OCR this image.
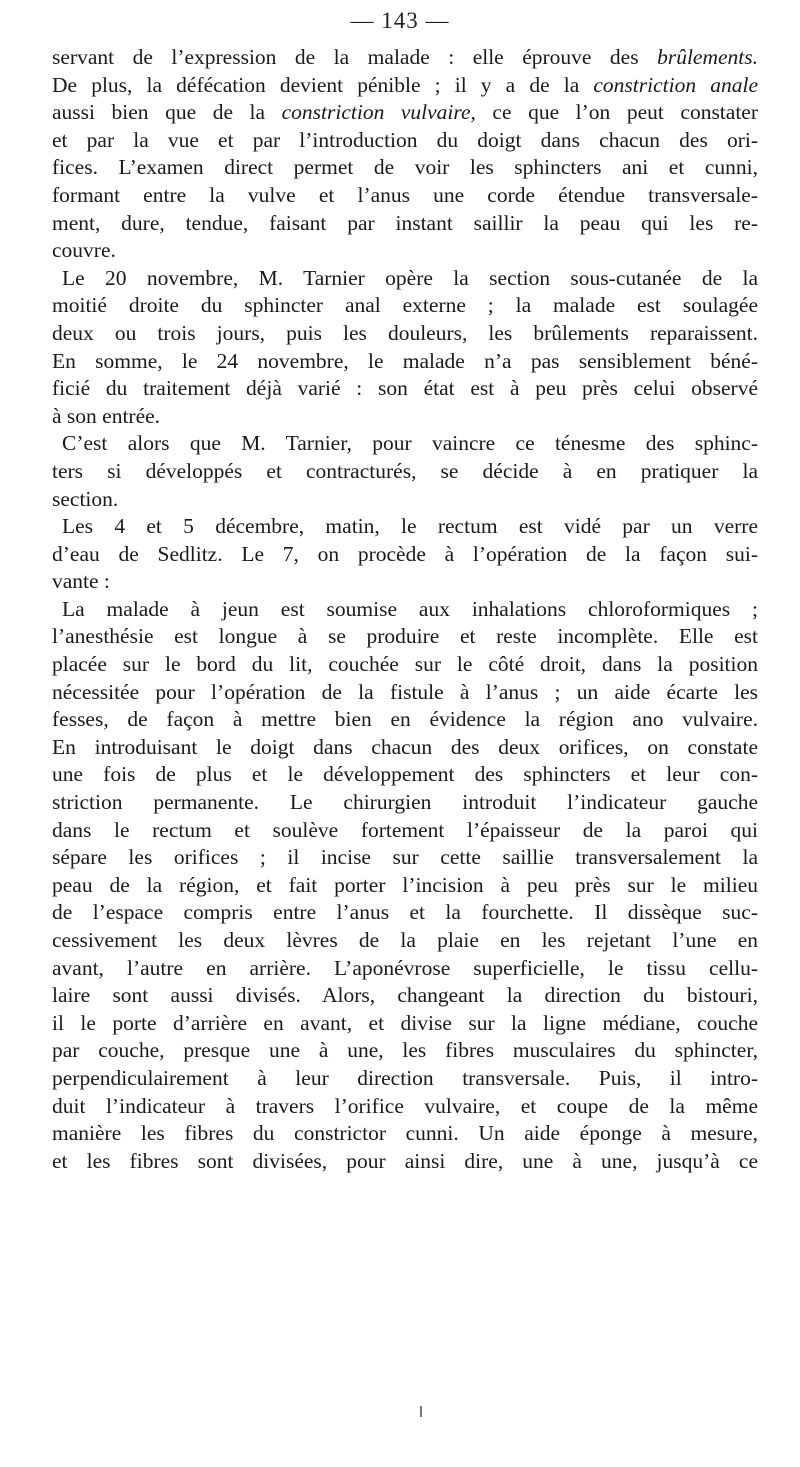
— 143 —

servant de l’expression de la malade : elle éprouve des brûlements.
De plus, la défécation devient pénible ; il y a de la constriction anale
aussi bien que de la constriction vulvaire, ce que l’on peut constater
et par la vue et par l’introduction du doigt dans chacun des ori-
fices. L’examen direct permet de voir les sphincters ani et cunni,
formant entre la vulve et l’anus une corde étendue transversale-
ment, dure, tendue, faisant par instant saillir la peau qui les re-
couvre.

Le 20 novembre, M. Tarnier opère la section sous-cutanée de la
moitié droite du sphincter anal externe ; la malade est soulagée
deux ou trois jours, puis les douleurs, les brûlements reparaissent.
En somme, le 24 novembre, le malade n’a pas sensiblement béné-
ficié du traitement déjà varié : son état est à peu près celui observé
à son entrée.

C’est alors que M. Tarnier, pour vaincre ce ténesme des sphinc-
ters si développés et contracturés, se décide à en pratiquer la
section.

Les 4 et 5 décembre, matin, le rectum est vidé par un verre
d’eau de Sedlitz. Le 7, on procède à l’opération de la façon sui-
vante :

La malade à jeun est soumise aux inhalations chloroformiques ;
l’anesthésie est longue à se produire et reste incomplète. Elle est
placée sur le bord du lit, couchée sur le côté droit, dans la position
nécessitée pour l’opération de la fistule à l’anus ; un aide écarte les
fesses, de façon à mettre bien en évidence la région ano vulvaire.
En introduisant le doigt dans chacun des deux orifices, on constate
une fois de plus et le développement des sphincters et leur con-
striction permanente. Le chirurgien introduit l’indicateur gauche
dans le rectum et soulève fortement l’épaisseur de la paroi qui
sépare les orifices ; il incise sur cette saillie transversalement la
peau de la région, et fait porter l’incision à peu près sur le milieu
de l’espace compris entre l’anus et la fourchette. Il dissèque suc-
cessivement les deux lèvres de la plaie en les rejetant l’une en
avant, l’autre en arrière. L’aponévrose superficielle, le tissu cellu-
laire sont aussi divisés. Alors, changeant la direction du bistouri,
il le porte d’arrière en avant, et divise sur la ligne médiane, couche
par couche, presque une à une, les fibres musculaires du sphincter,
perpendiculairement à leur direction transversale. Puis, il intro-
duit l’indicateur à travers l’orifice vulvaire, et coupe de la même
manière les fibres du constrictor cunni. Un aide éponge à mesure,
et les fibres sont divisées, pour ainsi dire, une à une, jusqu’à ce
